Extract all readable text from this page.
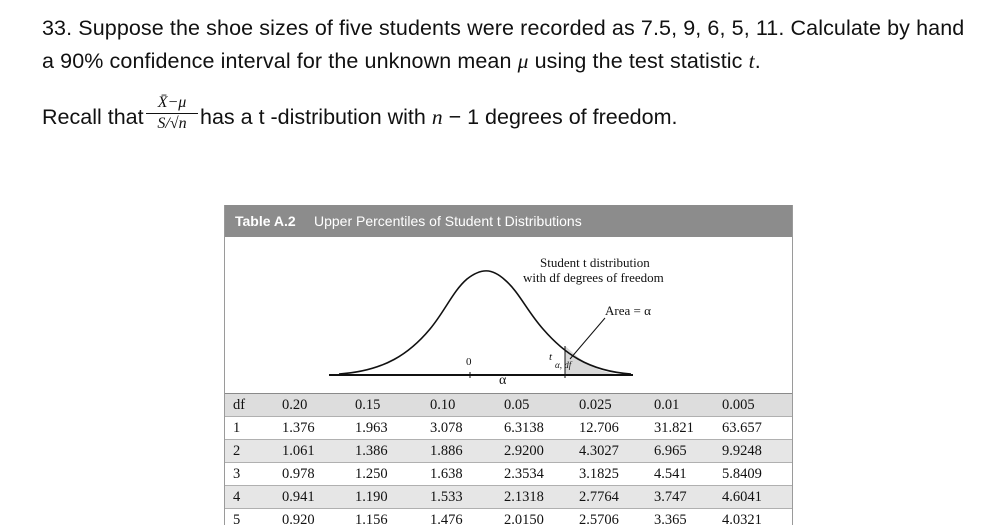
33. Suppose the shoe sizes of five students were recorded as 7.5, 9, 6, 5, 11. Calculate by hand
a 90% confidence interval for the unknown mean μ using the test statistic t.
Recall that
X̄−μ
S/√n has a t -distribution with n − 1 degrees of freedom.
Table A.2 Upper Percentiles of Student t Distributions
Student t distribution
with df degrees of freedom
Area = α
0	t
α, df
α
df	0.20	0.15	0.10	0.05	0.025	0.01	0.005
1	1.376	1.963	3.078	6.3138 12.706 31.821 63.657
2	1.061	1.386	1.886	2.9200 4.3027 6.965 9.9248
3	0.978	1.250	1.638	2.3534 3.1825 4.541 5.8409
4	0.941	1.190	1.533	2.1318 2.7764 3.747 4.6041
5	0.920	1.156	1.476	2.0150 2.5706 3.365 4.0321
